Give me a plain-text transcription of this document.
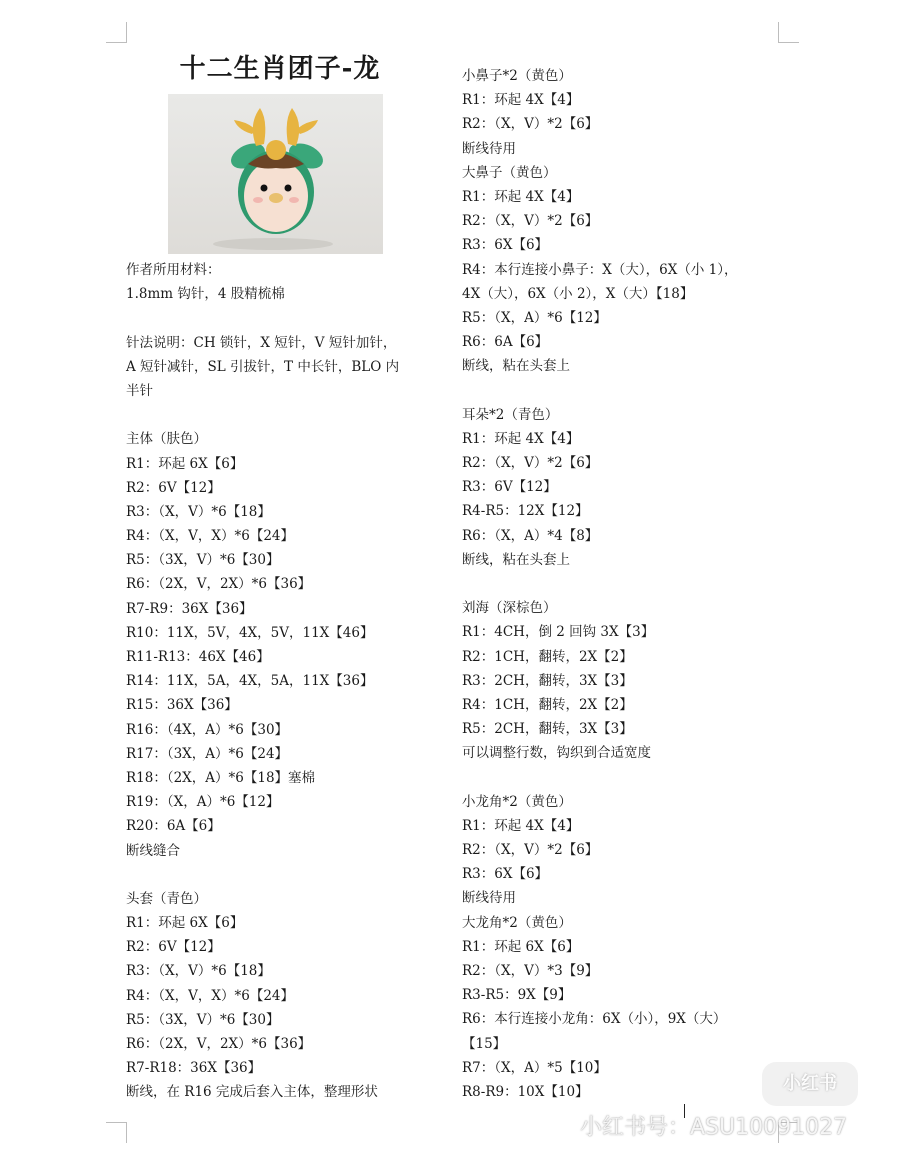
十二生肖团子-龙
作者所用材料：
1.8mm 钩针，4 股精梳棉
针法说明：CH 锁针，X 短针，V 短针加针，
A 短针减针，SL 引拔针，T 中长针，BLO 内
半针
主体（肤色）
R1：环起 6X【6】
R2：6V【12】
R3：（X，V）*6【18】
R4：（X，V，X）*6【24】
R5：（3X，V）*6【30】
R6：（2X，V，2X）*6【36】
R7-R9：36X【36】
R10：11X，5V，4X，5V，11X【46】
R11-R13：46X【46】
R14：11X，5A，4X，5A，11X【36】
R15：36X【36】
R16：（4X，A）*6【30】
R17：（3X，A）*6【24】
R18：（2X，A）*6【18】塞棉
R19：（X，A）*6【12】
R20：6A【6】
断线缝合
头套（青色）
R1：环起 6X【6】
R2：6V【12】
R3：（X，V）*6【18】
R4：（X，V，X）*6【24】
R5：（3X，V）*6【30】
R6：（2X，V，2X）*6【36】
R7-R18：36X【36】
断线，在 R16 完成后套入主体，整理形状
小鼻子*2（黄色）
R1：环起 4X【4】
R2：（X，V）*2【6】
断线待用
大鼻子（黄色）
R1：环起 4X【4】
R2：（X，V）*2【6】
R3：6X【6】
R4：本行连接小鼻子：X（大），6X（小 1），
4X（大），6X（小 2），X（大）【18】
R5：（X，A）*6【12】
R6：6A【6】
断线，粘在头套上
耳朵*2（青色）
R1：环起 4X【4】
R2：（X，V）*2【6】
R3：6V【12】
R4-R5：12X【12】
R6：（X，A）*4【8】
断线，粘在头套上
刘海（深棕色）
R1：4CH，倒 2 回钩 3X【3】
R2：1CH，翻转，2X【2】
R3：2CH，翻转，3X【3】
R4：1CH，翻转，2X【2】
R5：2CH，翻转，3X【3】
可以调整行数，钩织到合适宽度
小龙角*2（黄色）
R1：环起 4X【4】
R2：（X，V）*2【6】
R3：6X【6】
断线待用
大龙角*2（黄色）
R1：环起 6X【6】
R2：（X，V）*3【9】
R3-R5：9X【9】
R6：本行连接小龙角：6X（小），9X（大）
【15】
R7：（X，A）*5【10】
R8-R9：10X【10】	小红书
小红书号：ASU10091027
